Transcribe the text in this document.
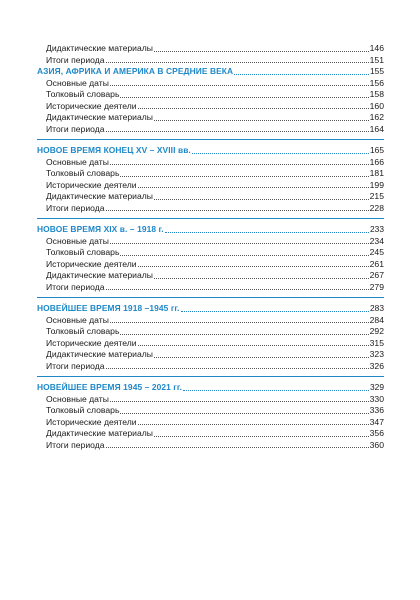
Дидактические материалы	146
Итоги периода	151
АЗИЯ, АФРИКА И АМЕРИКА В СРЕДНИЕ ВЕКА	155
Основные даты	156
Толковый словарь	158
Исторические деятели	160
Дидактические материалы	162
Итоги периода	164
НОВОЕ ВРЕМЯ КОНЕЦ XV – XVIII вв.	165
Основные даты	166
Толковый словарь	181
Исторические деятели	199
Дидактические материалы	215
Итоги периода	228
НОВОЕ ВРЕМЯ XIX в. – 1918 г.	233
Основные даты	234
Толковый словарь	245
Исторические деятели	261
Дидактические материалы	267
Итоги периода	279
НОВЕЙШЕЕ ВРЕМЯ 1918 –1945 гг.	283
Основные даты	284
Толковый словарь	292
Исторические деятели	315
Дидактические материалы	323
Итоги периода	326
НОВЕЙШЕЕ ВРЕМЯ 1945 – 2021 гг.	329
Основные даты	330
Толковый словарь	336
Исторические деятели	347
Дидактические материалы	356
Итоги периода	360
